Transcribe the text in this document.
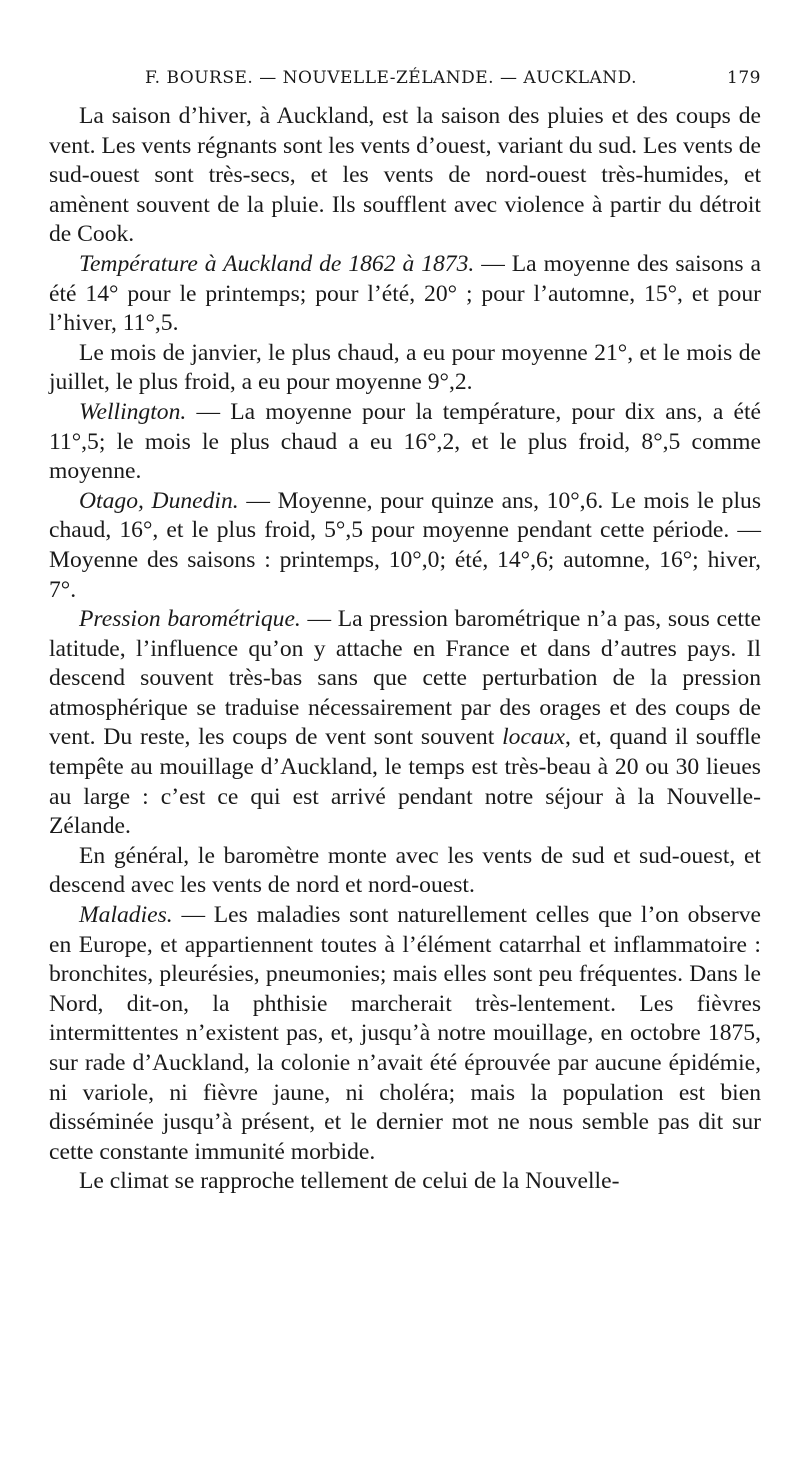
F. BOURSE. — NOUVELLE-ZÉLANDE. — AUCKLAND.	179

La saison d’hiver, à Auckland, est la saison des pluies et des coups de vent. Les vents régnants sont les vents d’ouest, variant du sud. Les vents de sud-ouest sont très-secs, et les vents de nord-ouest très-humides, et amènent souvent de la pluie. Ils soufflent avec violence à partir du détroit de Cook.

Température à Auckland de 1862 à 1873. — La moyenne des saisons a été 14° pour le printemps; pour l’été, 20° ; pour l’automne, 15°, et pour l’hiver, 11°,5.

Le mois de janvier, le plus chaud, a eu pour moyenne 21°, et le mois de juillet, le plus froid, a eu pour moyenne 9°,2.

Wellington. — La moyenne pour la température, pour dix ans, a été 11°,5; le mois le plus chaud a eu 16°,2, et le plus froid, 8°,5 comme moyenne.

Otago, Dunedin. — Moyenne, pour quinze ans, 10°,6. Le mois le plus chaud, 16°, et le plus froid, 5°,5 pour moyenne pendant cette période. — Moyenne des saisons : printemps, 10°,0; été, 14°,6; automne, 16°; hiver, 7°.

Pression barométrique. — La pression barométrique n’a pas, sous cette latitude, l’influence qu’on y attache en France et dans d’autres pays. Il descend souvent très-bas sans que cette perturbation de la pression atmosphérique se traduise nécessairement par des orages et des coups de vent. Du reste, les coups de vent sont souvent locaux, et, quand il souffle tempête au mouillage d’Auckland, le temps est très-beau à 20 ou 30 lieues au large : c’est ce qui est arrivé pendant notre séjour à la Nouvelle-Zélande.

En général, le baromètre monte avec les vents de sud et sud-ouest, et descend avec les vents de nord et nord-ouest.

Maladies. — Les maladies sont naturellement celles que l’on observe en Europe, et appartiennent toutes à l’élément catarrhal et inflammatoire : bronchites, pleurésies, pneumonies; mais elles sont peu fréquentes. Dans le Nord, dit-on, la phthisie marcherait très-lentement. Les fièvres intermittentes n’existent pas, et, jusqu’à notre mouillage, en octobre 1875, sur rade d’Auckland, la colonie n’avait été éprouvée par aucune épidémie, ni variole, ni fièvre jaune, ni choléra; mais la population est bien disséminée jusqu’à présent, et le dernier mot ne nous semble pas dit sur cette constante immunité morbide.

Le climat se rapproche tellement de celui de la Nouvelle-
